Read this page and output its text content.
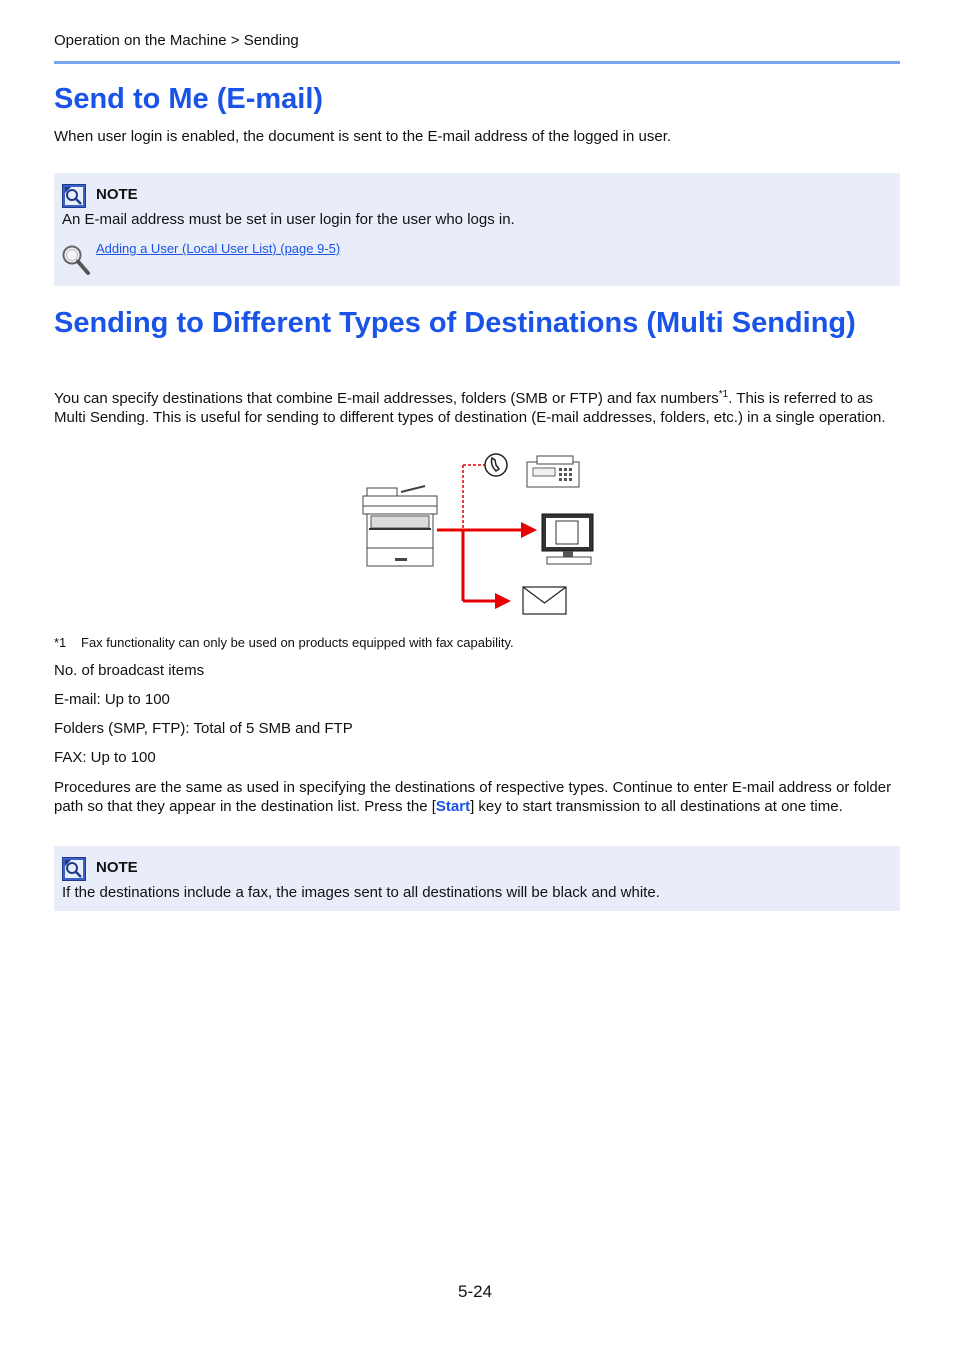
Operation on the Machine > Sending
Send to Me (E-mail)

When user login is enabled, the document is sent to the E-mail address of the logged in user.

NOTE
An E-mail address must be set in user login for the user who logs in.
Adding a User (Local User List) (page 9-5)
Sending to Different Types of Destinations (Multi Sending)

You can specify destinations that combine E-mail addresses, folders (SMB or FTP) and fax numbers$^{*1}$. This is referred to as Multi Sending. This is useful for sending to different types of destination (E-mail addresses, folders, etc.) in a single operation.

*1 Fax functionality can only be used on products equipped with fax capability.
No. of broadcast items
E-mail: Up to 100
Folders (SMP, FTP): Total of 5 SMB and FTP
FAX: Up to 100

Procedures are the same as used in specifying the destinations of respective types. Continue to enter E-mail address or folder path so that they appear in the destination list. Press the [Start] key to start transmission to all destinations at one time.

NOTE
If the destinations include a fax, the images sent to all destinations will be black and white.
5-24
